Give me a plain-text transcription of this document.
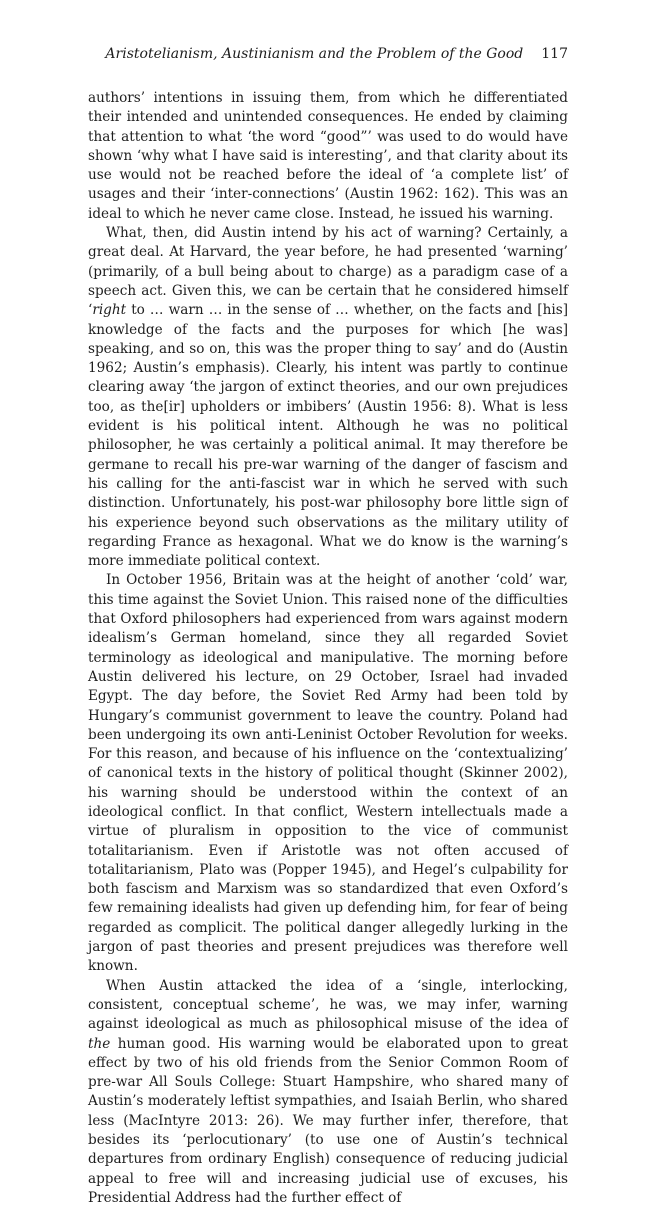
Aristotelianism, Austinianism and the Problem of the Good 117

authors’ intentions in issuing them, from which he differentiated their intended and unintended consequences. He ended by claiming that attention to what ‘the word “good”’ was used to do would have shown ‘why what I have said is interesting’, and that clarity about its use would not be reached before the ideal of ‘a complete list’ of usages and their ‘inter-connections’ (Austin 1962: 162). This was an ideal to which he never came close. Instead, he issued his warning.

What, then, did Austin intend by his act of warning? Certainly, a great deal. At Harvard, the year before, he had presented ‘warning’ (primarily, of a bull being about to charge) as a paradigm case of a speech act. Given this, we can be certain that he considered himself ‘right to … warn … in the sense of … whether, on the facts and [his] knowledge of the facts and the purposes for which [he was] speaking, and so on, this was the proper thing to say’ and do (Austin 1962; Austin’s emphasis). Clearly, his intent was partly to continue clearing away ‘the jargon of extinct theories, and our own prejudices too, as the[ir] upholders or imbibers’ (Austin 1956: 8). What is less evident is his political intent. Although he was no political philosopher, he was certainly a political animal. It may therefore be germane to recall his pre-war warning of the danger of fascism and his calling for the anti-fascist war in which he served with such distinction. Unfortunately, his post-war philosophy bore little sign of his experience beyond such observations as the military utility of regarding France as hexagonal. What we do know is the warning’s more immediate political context.

In October 1956, Britain was at the height of another ‘cold’ war, this time against the Soviet Union. This raised none of the difficulties that Oxford philosophers had experienced from wars against modern idealism’s German homeland, since they all regarded Soviet terminology as ideological and manipulative. The morning before Austin delivered his lecture, on 29 October, Israel had invaded Egypt. The day before, the Soviet Red Army had been told by Hungary’s communist government to leave the country. Poland had been undergoing its own anti-Leninist October Revolution for weeks. For this reason, and because of his influence on the ‘contextualizing’ of canonical texts in the history of political thought (Skinner 2002), his warning should be understood within the context of an ideological conflict. In that conflict, Western intellectuals made a virtue of pluralism in opposition to the vice of communist totalitarianism. Even if Aristotle was not often accused of totalitarianism, Plato was (Popper 1945), and Hegel’s culpability for both fascism and Marxism was so standardized that even Oxford’s few remaining idealists had given up defending him, for fear of being regarded as complicit. The political danger allegedly lurking in the jargon of past theories and present prejudices was therefore well known.

When Austin attacked the idea of a ‘single, interlocking, consistent, conceptual scheme’, he was, we may infer, warning against ideological as much as philosophical misuse of the idea of the human good. His warning would be elaborated upon to great effect by two of his old friends from the Senior Common Room of pre-war All Souls College: Stuart Hampshire, who shared many of Austin’s moderately leftist sympathies, and Isaiah Berlin, who shared less (MacIntyre 2013: 26). We may further infer, therefore, that besides its ‘perlocutionary’ (to use one of Austin’s technical departures from ordinary English) consequence of reducing judicial appeal to free will and increasing judicial use of excuses, his Presidential Address had the further effect of
